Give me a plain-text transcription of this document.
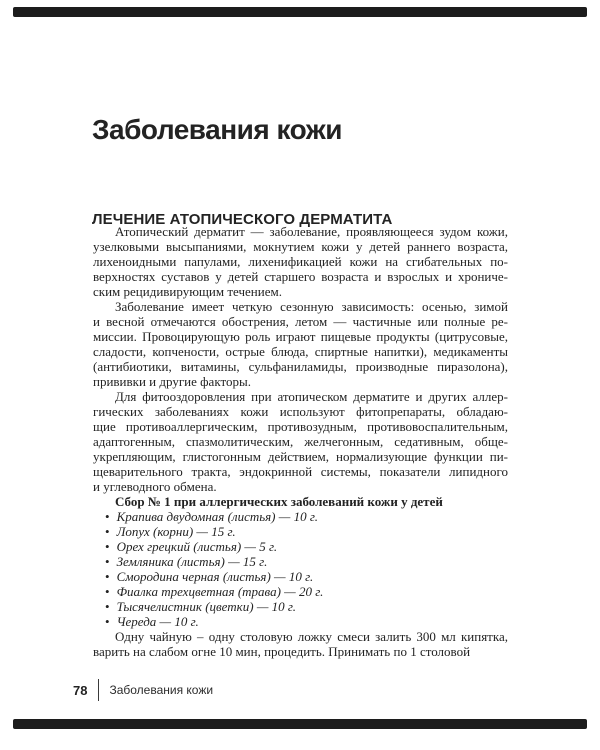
Заболевания кожи
ЛЕЧЕНИЕ АТОПИЧЕСКОГО ДЕРМАТИТА
Атопический дерматит — заболевание, проявляющееся зудом кожи,
узелковыми высыпаниями, мокнутием кожи у детей раннего возраста,
лихеноидными папулами, лихенификацией кожи на сгибательных по-
верхностях суставов у детей старшего возраста и взрослых и хрониче-
ским рецидивирующим течением.
Заболевание имеет четкую сезонную зависимость: осенью, зимой
и весной отмечаются обострения, летом — частичные или полные ре-
миссии. Провоцирующую роль играют пищевые продукты (цитрусовые,
сладости, копчености, острые блюда, спиртные напитки), медикаменты
(антибиотики, витамины, сульфаниламиды, производные пиразолона),
прививки и другие факторы.
Для фитооздоровления при атопическом дерматите и других аллер-
гических заболеваниях кожи используют фитопрепараты, обладаю-
щие противоаллергическим, противозудным, противовоспалительным,
адаптогенным, спазмолитическим, желчегонным, седативным, обще-
укрепляющим, глистогонным действием, нормализующие функции пи-
щеварительного тракта, эндокринной системы, показатели липидного
и углеводного обмена.
Сбор № 1 при аллергических заболеваний кожи у детей
• Крапива двудомная (листья) — 10 г.
• Лопух (корни) — 15 г.
• Орех грецкий (листья) — 5 г.
• Земляника (листья) — 15 г.
• Смородина черная (листья) — 10 г.
• Фиалка трехцветная (трава) — 20 г.
• Тысячелистник (цветки) — 10 г.
• Череда — 10 г.
Одну чайную – одну столовую ложку смеси залить 300 мл кипятка,
варить на слабом огне 10 мин, процедить. Принимать по 1 столовой
78 Заболевания кожи
